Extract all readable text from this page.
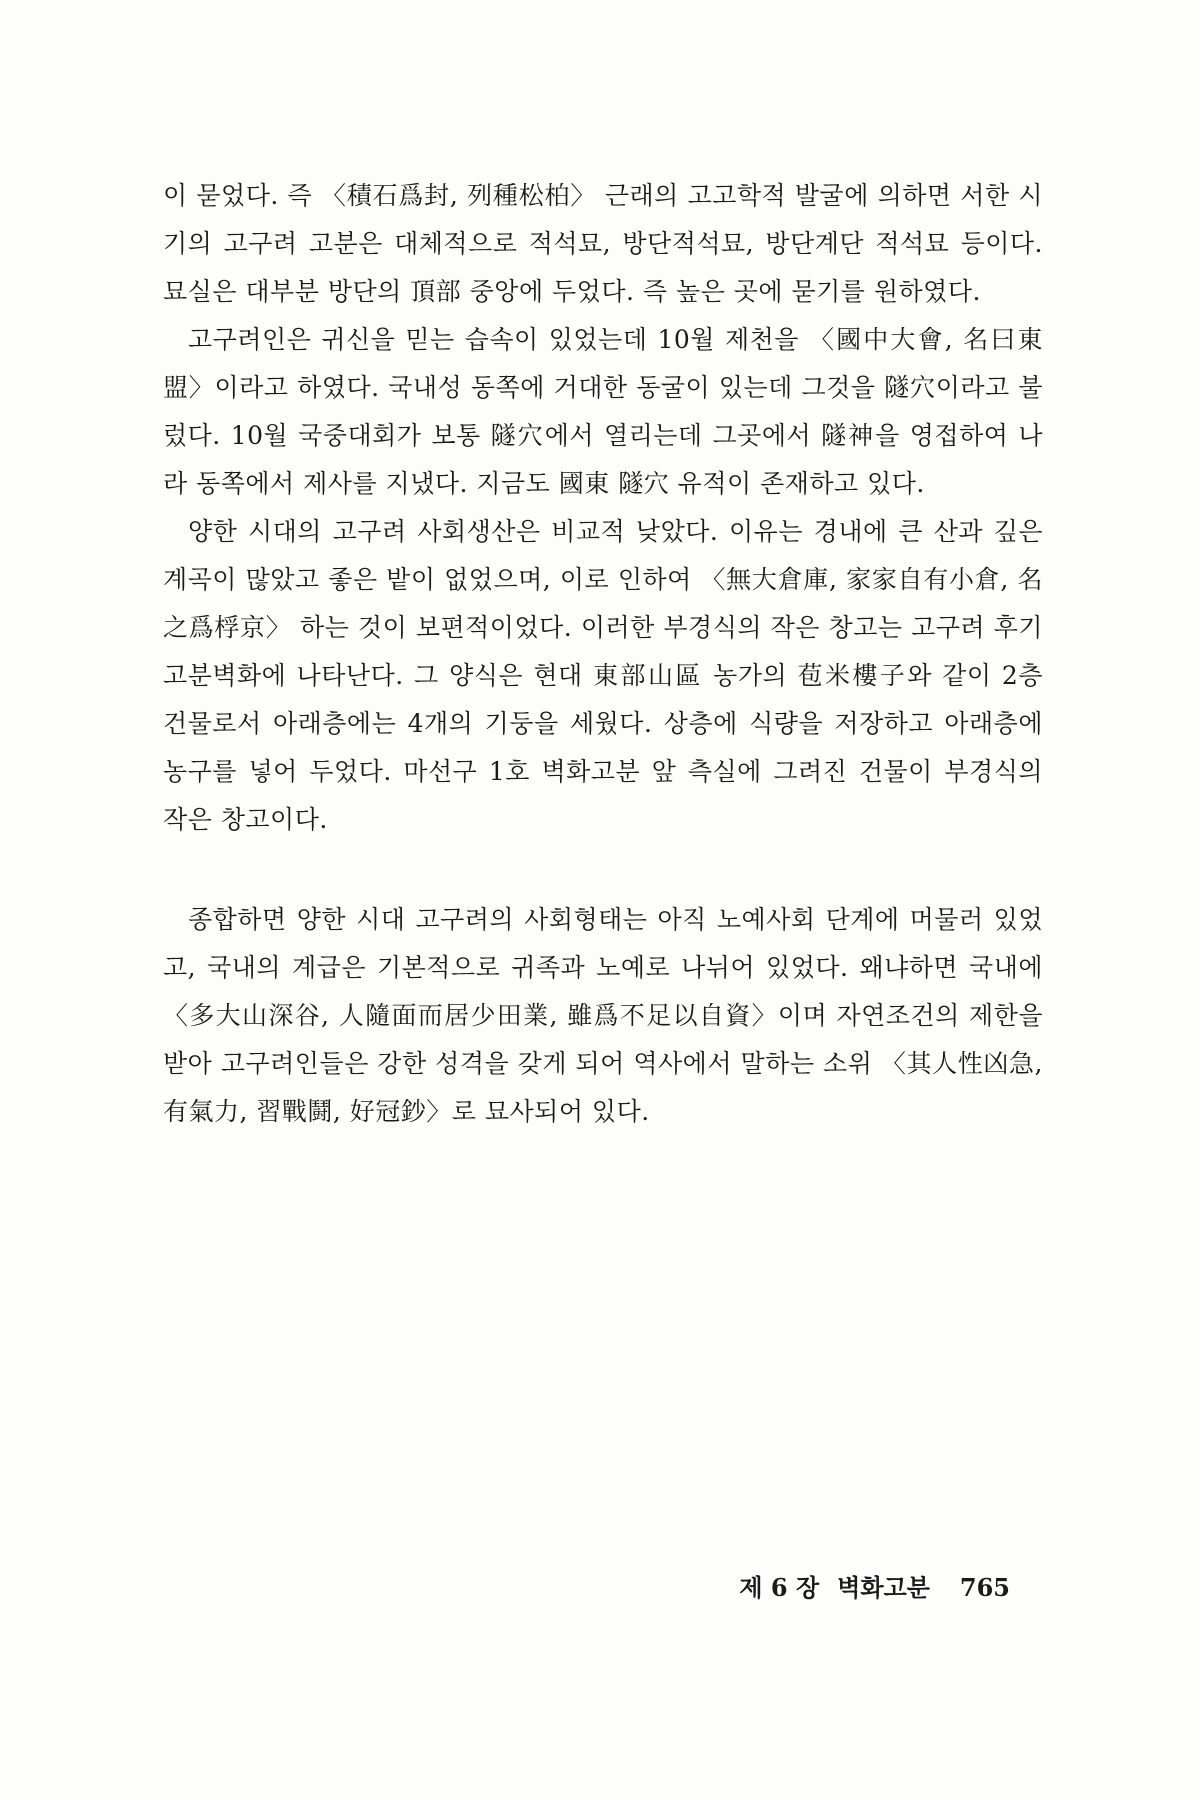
이 묻었다. 즉 〈積石爲封, 列種松柏〉 근래의 고고학적 발굴에 의하면 서한 시기의 고구려 고분은 대체적으로 적석묘, 방단적석묘, 방단계단 적석묘 등이다. 묘실은 대부분 방단의 頂部 중앙에 두었다. 즉 높은 곳에 묻기를 원하였다.

고구려인은 귀신을 믿는 습속이 있었는데 10월 제천을 〈國中大會, 名曰東盟〉이라고 하였다. 국내성 동쪽에 거대한 동굴이 있는데 그것을 隧穴이라고 불렀다. 10월 국중대회가 보통 隧穴에서 열리는데 그곳에서 隧神을 영접하여 나라 동쪽에서 제사를 지냈다. 지금도 國東 隧穴 유적이 존재하고 있다.

양한 시대의 고구려 사회생산은 비교적 낮았다. 이유는 경내에 큰 산과 깊은 계곡이 많았고 좋은 밭이 없었으며, 이로 인하여 〈無大倉庫, 家家自有小倉, 名之爲桴京〉 하는 것이 보편적이었다. 이러한 부경식의 작은 창고는 고구려 후기 고분벽화에 나타난다. 그 양식은 현대 東部山區 농가의 苞米樓子와 같이 2층 건물로서 아래층에는 4개의 기둥을 세웠다. 상층에 식량을 저장하고 아래층에 농구를 넣어 두었다. 마선구 1호 벽화고분 앞 측실에 그려진 건물이 부경식의 작은 창고이다.

종합하면 양한 시대 고구려의 사회형태는 아직 노예사회 단계에 머물러 있었고, 국내의 계급은 기본적으로 귀족과 노예로 나뉘어 있었다. 왜냐하면 국내에 〈多大山深谷, 人隨面而居少田業, 雖爲不足以自資〉이며 자연조건의 제한을 받아 고구려인들은 강한 성격을 갖게 되어 역사에서 말하는 소위 〈其人性凶急, 有氣力, 習戰鬪, 好冠鈔〉로 묘사되어 있다.

제 6 장 벽화고분 765
